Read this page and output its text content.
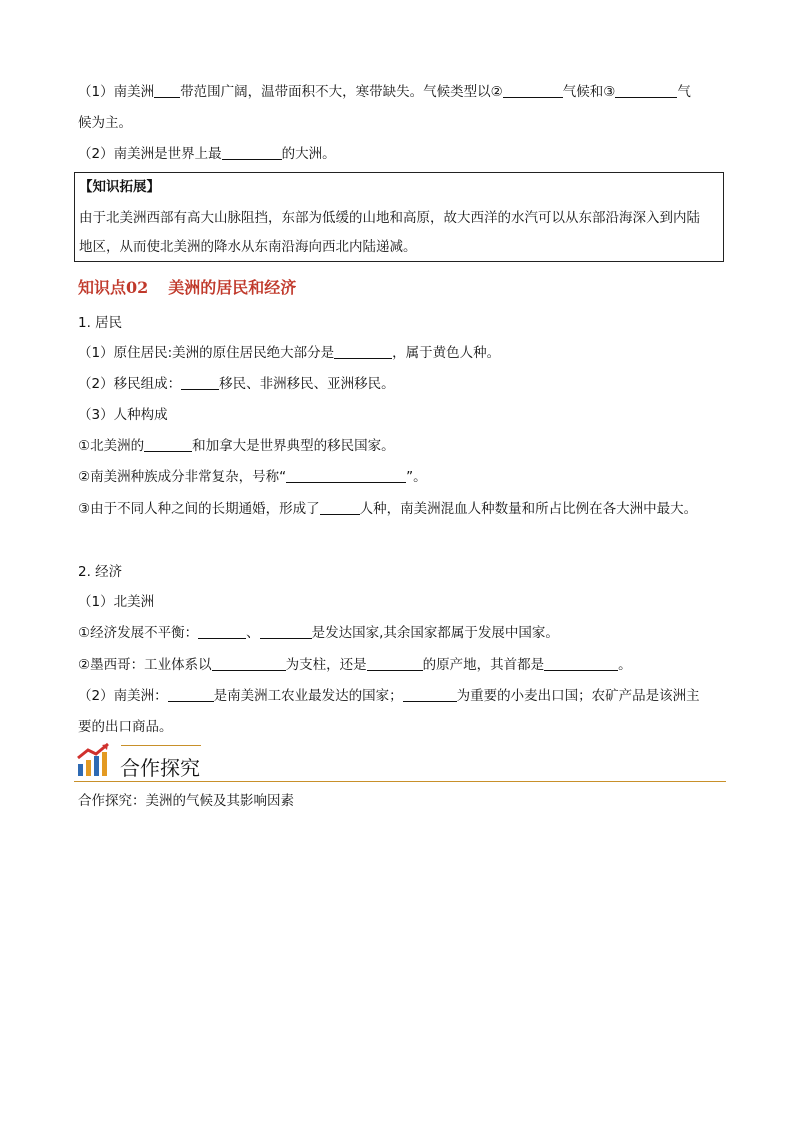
（1）南美洲 带范围广阔，温带面积不大，寒带缺失。气候类型以②	气候和③	气
候为主。
（2）南美洲是世界上最	的大洲。
【知识拓展】
由于北美洲西部有高大山脉阻挡，东部为低缓的山地和高原，故大西洋的水汽可以从东部沿海深入到内陆
地区，从而使北美洲的降水从东南沿海向西北内陆递减。
知识点02 美洲的居民和经济
1. 居民
（1）原住居民:美洲的原住居民绝大部分是	，属于黄色人种。
（2）移民组成：	移民、非洲移民、亚洲移民。
（3）人种构成
①北美洲的	和加拿大是世界典型的移民国家。
②南美洲种族成分非常复杂，号称“	”。
③由于不同人种之间的长期通婚，形成了	人种，南美洲混血人种数量和所占比例在各大洲中最大。
2. 经济
（1）北美洲
①经济发展不平衡：	、	是发达国家,其余国家都属于发展中国家。
②墨西哥：工业体系以	为支柱，还是	的原产地，其首都是	。
（2）南美洲：	是南美洲工农业最发达的国家；	为重要的小麦出口国；农矿产品是该洲主
要的出口商品。
合作探究
合作探究：美洲的气候及其影响因素
